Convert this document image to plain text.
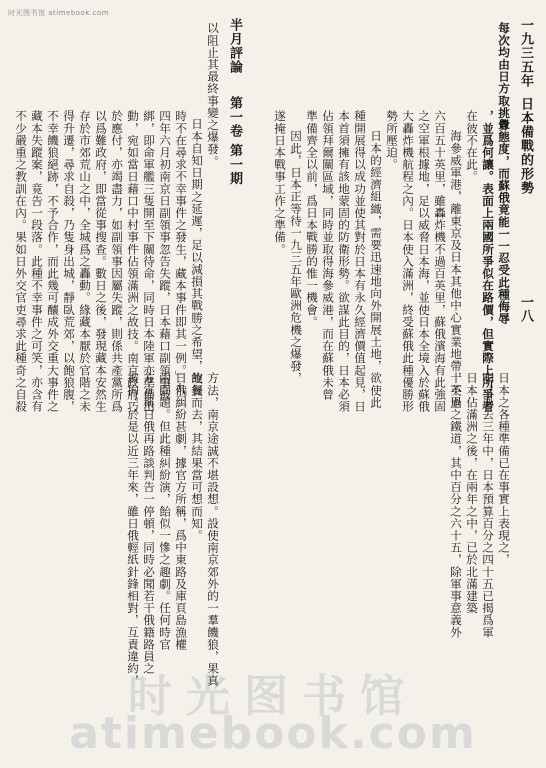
时光图书馆 atimebook.com
半月評論
第一卷 第一期
一九三五年
日本備戰的形勢
一八
以阻止其最終事變之爆發。
日本自知日期之延遲，足以減損其戰勝之希望，故無
時不在尋求不幸事件之發生，藏本事件即其一例。」九三
四年六月初南京日副領事忽告失蹤，日本藉口副領事被
綁，即命軍艦三隻開至下關待命，同時日本陸軍亦準備出
動，宛如當日藉口中村事件佔領滿洲之故技。南京政府巧
於應付，亦竭盡力，如副領事因屬失蹤，則係共產黨所爲
以爲難政府，即當從事搜查。數日之後，發現藏本安然生
存於市郊荒山之中，全城爲之轟動。緣藏本厭於官階之未
得升遷，尋求自殺，乃隻身出城，靜臥荒郊，以飽狼腹，
不幸饑狼絕跡，不予合作，而此幾可釀成外交重大事件之
藏本失蹤案，竟告一段落。此種不幸事件之可笑，亦含有
不少嚴重之教訓在內。果如日外交官吏尋求此種奇之自殺	每次均由日方取挑釁態度，而蘇俄竟能一一忍受此種侮辱
，並爲何讓。表面上兩國所爭似在路價，但實際上所爭者
在彼不在此。
海參威軍港，離東京及日本其他中心實業地帶，不過
六百五十英里，雖轟炸機不過百英里，蘇俄濱海有此強固
之空軍根據地，足以威脅日本海，並使日本全境入於蘇俄
大轟炸機航程之內。日本使入滿洲，終受蘇俄此種優勝形
勢所壓迫。
日本的經濟組織，需要迅速地向外開展土地，欲使此
種開展得以成功並使其對於日本有永久經濟價值起見，日
本首須擁有該地蒙固的防衛形勢。欲謀此目的，日本必須
佔領拜爾關區域，同時並取得海參威港，而在蘇俄未曾
準備齊全以前，爲日本戰勝的惟一機會。
因此，日本正等待一九三五年歐洲危機之爆發，
遂掩日本戰事工作之準備。
时光图书馆
atimebook.com
方法，南京途誠不堪設想。設使南京郊外的一羣饑狼，果真
飽餐而去，其結果當可想而知。
日俄糾紛甚劇，據官方所稱，爲中東路及庫頁島漁權
兩問題。但此種糾紛演，飴似一慘之趣劇。任何時官
方宣稱日俄再路談判告一停頓，同時必聞若干俄籍路員之
被拘。於是以近三年來，雖日俄輕紙針鋒相對，互責違約，	日本之各種準備已在事實上表現之，
明。過去三年中，日本預算百分之四十五已揭爲軍
日本佔滿洲之後，在兩年之中，已於北滿建築
十英里之鐵道，其中百分之六十五，除軍事意義外
